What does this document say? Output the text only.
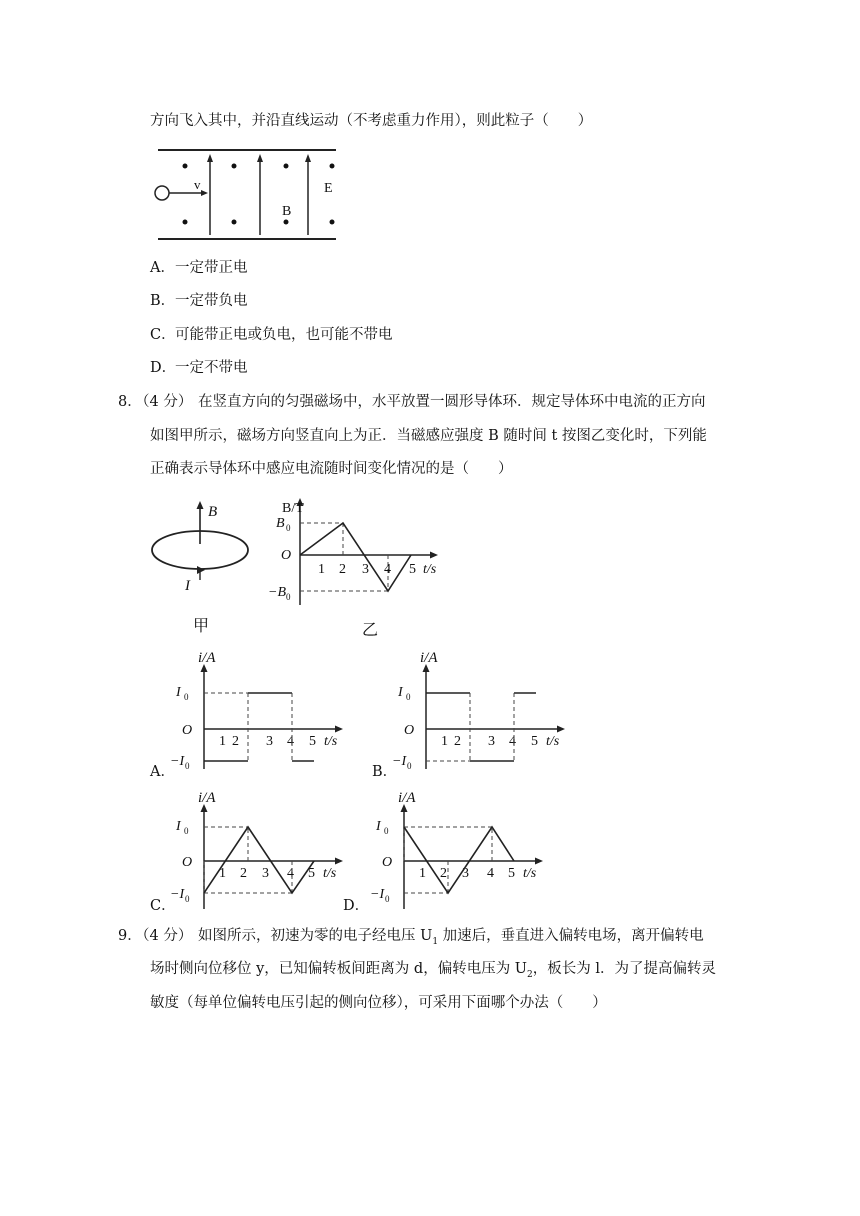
方向飞入其中，并沿直线运动（不考虑重力作用），则此粒子（　　）
v
B
E
A． 一定带正电
B． 一定带负电
C． 可能带正电或负电，也可能不带电
D．
一定不带电
8．
（4 分） 在竖直方向的匀强磁场中，水平放置一圆形导体环．规定导体环中电流的正方向
如图甲所示，磁场方向竖直向上为正．当磁感应强度 B 随时间 t 按图乙变化时，下列能
正确表示导体环中感应电流随时间变化情况的是（　　）
B
I
甲
B/T
B 0
O
−B 0
1 2 3 4 5 t/s
乙
i/A
I 0
O
−I 0
1 2 3 4 5 t/s
A．
i/A
I 0
O
−I 0
1 2 3 4 5 t/s
B．
i/A
I 0
O
−I 0
1 2 3 4 5 t/s
C．
i/A
I 0
O
−I 0
1 2 3 4 5 t/s
D．
9．
（4 分） 如图所示，初速为零的电子经电压 $U_1$ 加速后，垂直进入偏转电场，离开偏转电
场时侧向位移位 y，已知偏转板间距离为 d，偏转电压为 $U_2$，板长为 l．为了提高偏转灵
敏度（每单位偏转电压引起的侧向位移），可采用下面哪个办法（　　）
